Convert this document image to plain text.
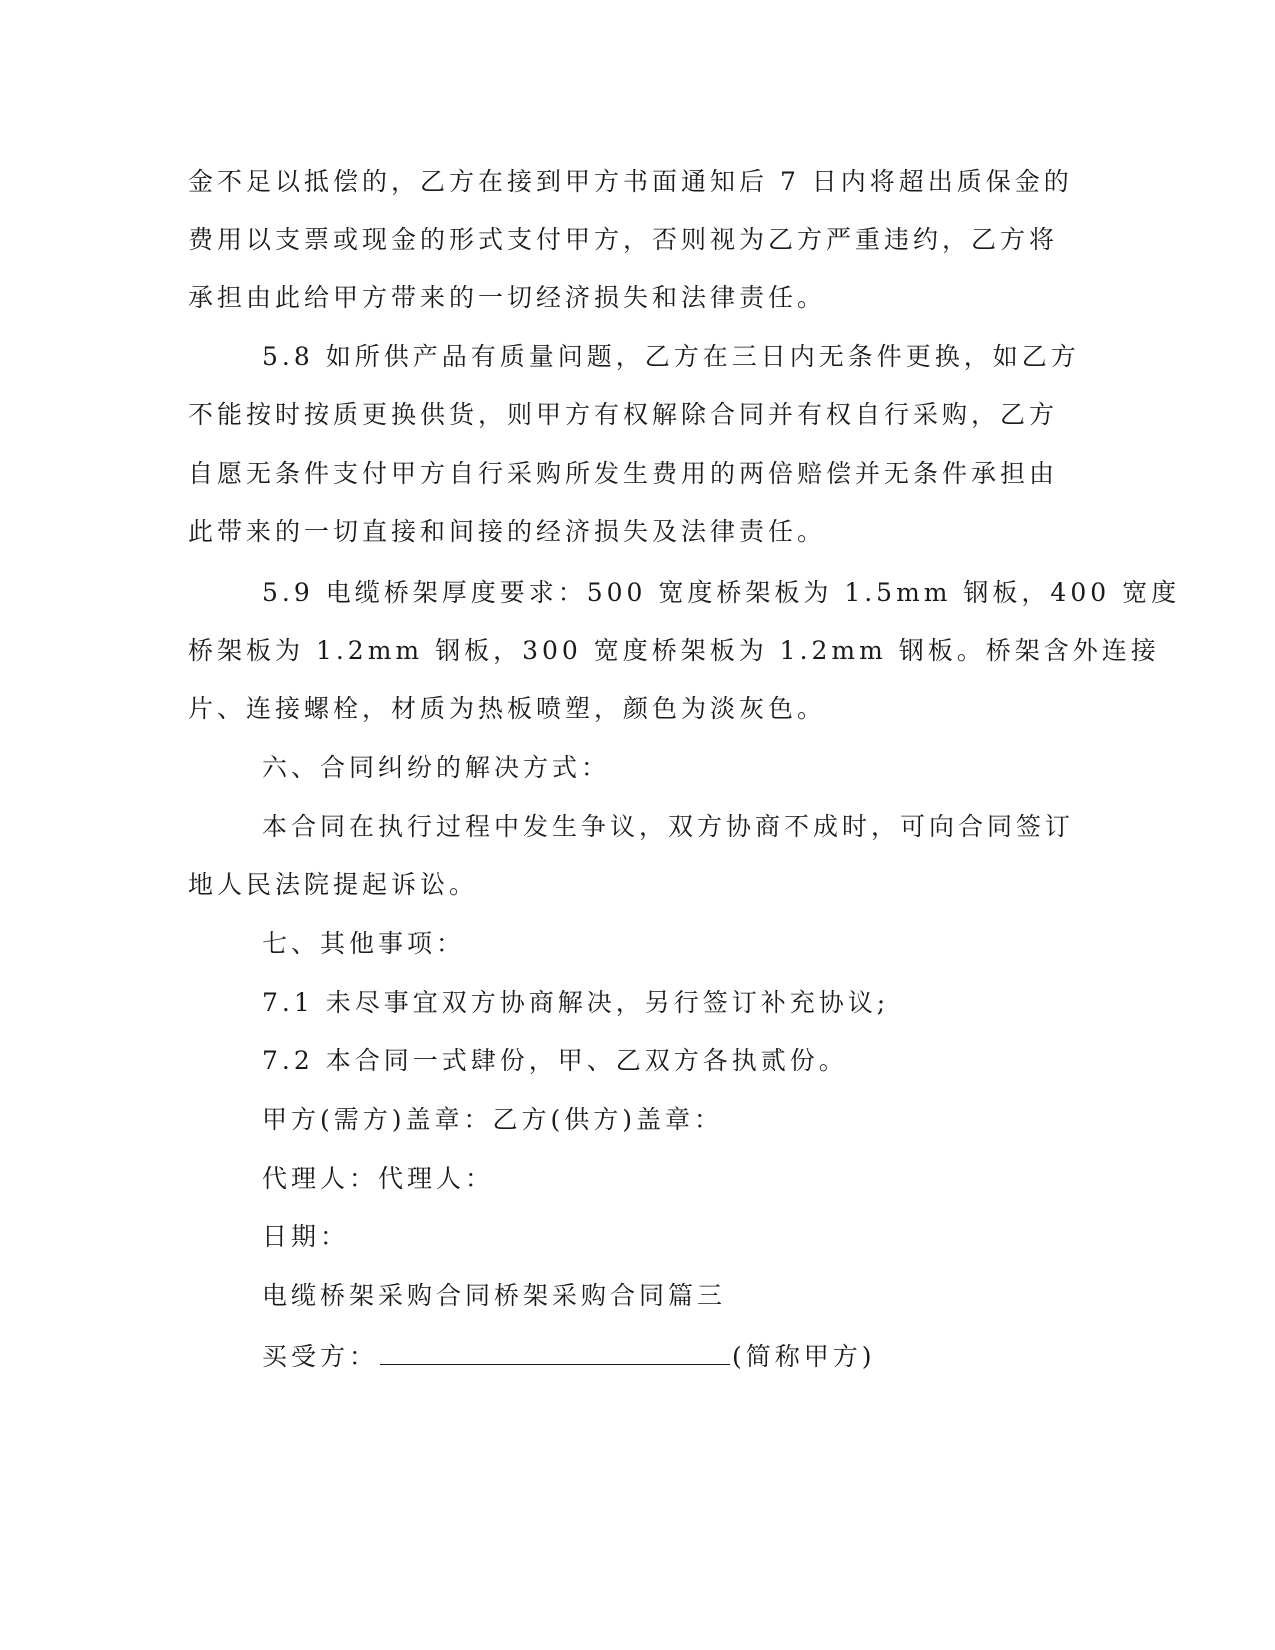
金不足以抵偿的，乙方在接到甲方书面通知后 7 日内将超出质保金的
费用以支票或现金的形式支付甲方，否则视为乙方严重违约，乙方将
承担由此给甲方带来的一切经济损失和法律责任。
5.8 如所供产品有质量问题，乙方在三日内无条件更换，如乙方
不能按时按质更换供货，则甲方有权解除合同并有权自行采购，乙方
自愿无条件支付甲方自行采购所发生费用的两倍赔偿并无条件承担由
此带来的一切直接和间接的经济损失及法律责任。
5.9 电缆桥架厚度要求：500 宽度桥架板为 1.5mm 钢板，400 宽度
桥架板为 1.2mm 钢板，300 宽度桥架板为 1.2mm 钢板。桥架含外连接
片、连接螺栓，材质为热板喷塑，颜色为淡灰色。
六、合同纠纷的解决方式：
本合同在执行过程中发生争议，双方协商不成时，可向合同签订
地人民法院提起诉讼。
七、其他事项：
7.1 未尽事宜双方协商解决，另行签订补充协议;
7.2 本合同一式肆份，甲、乙双方各执贰份。
甲方(需方)盖章：乙方(供方)盖章：
代理人：代理人：
日期：
电缆桥架采购合同桥架采购合同篇三
买受方：	(简称甲方)
